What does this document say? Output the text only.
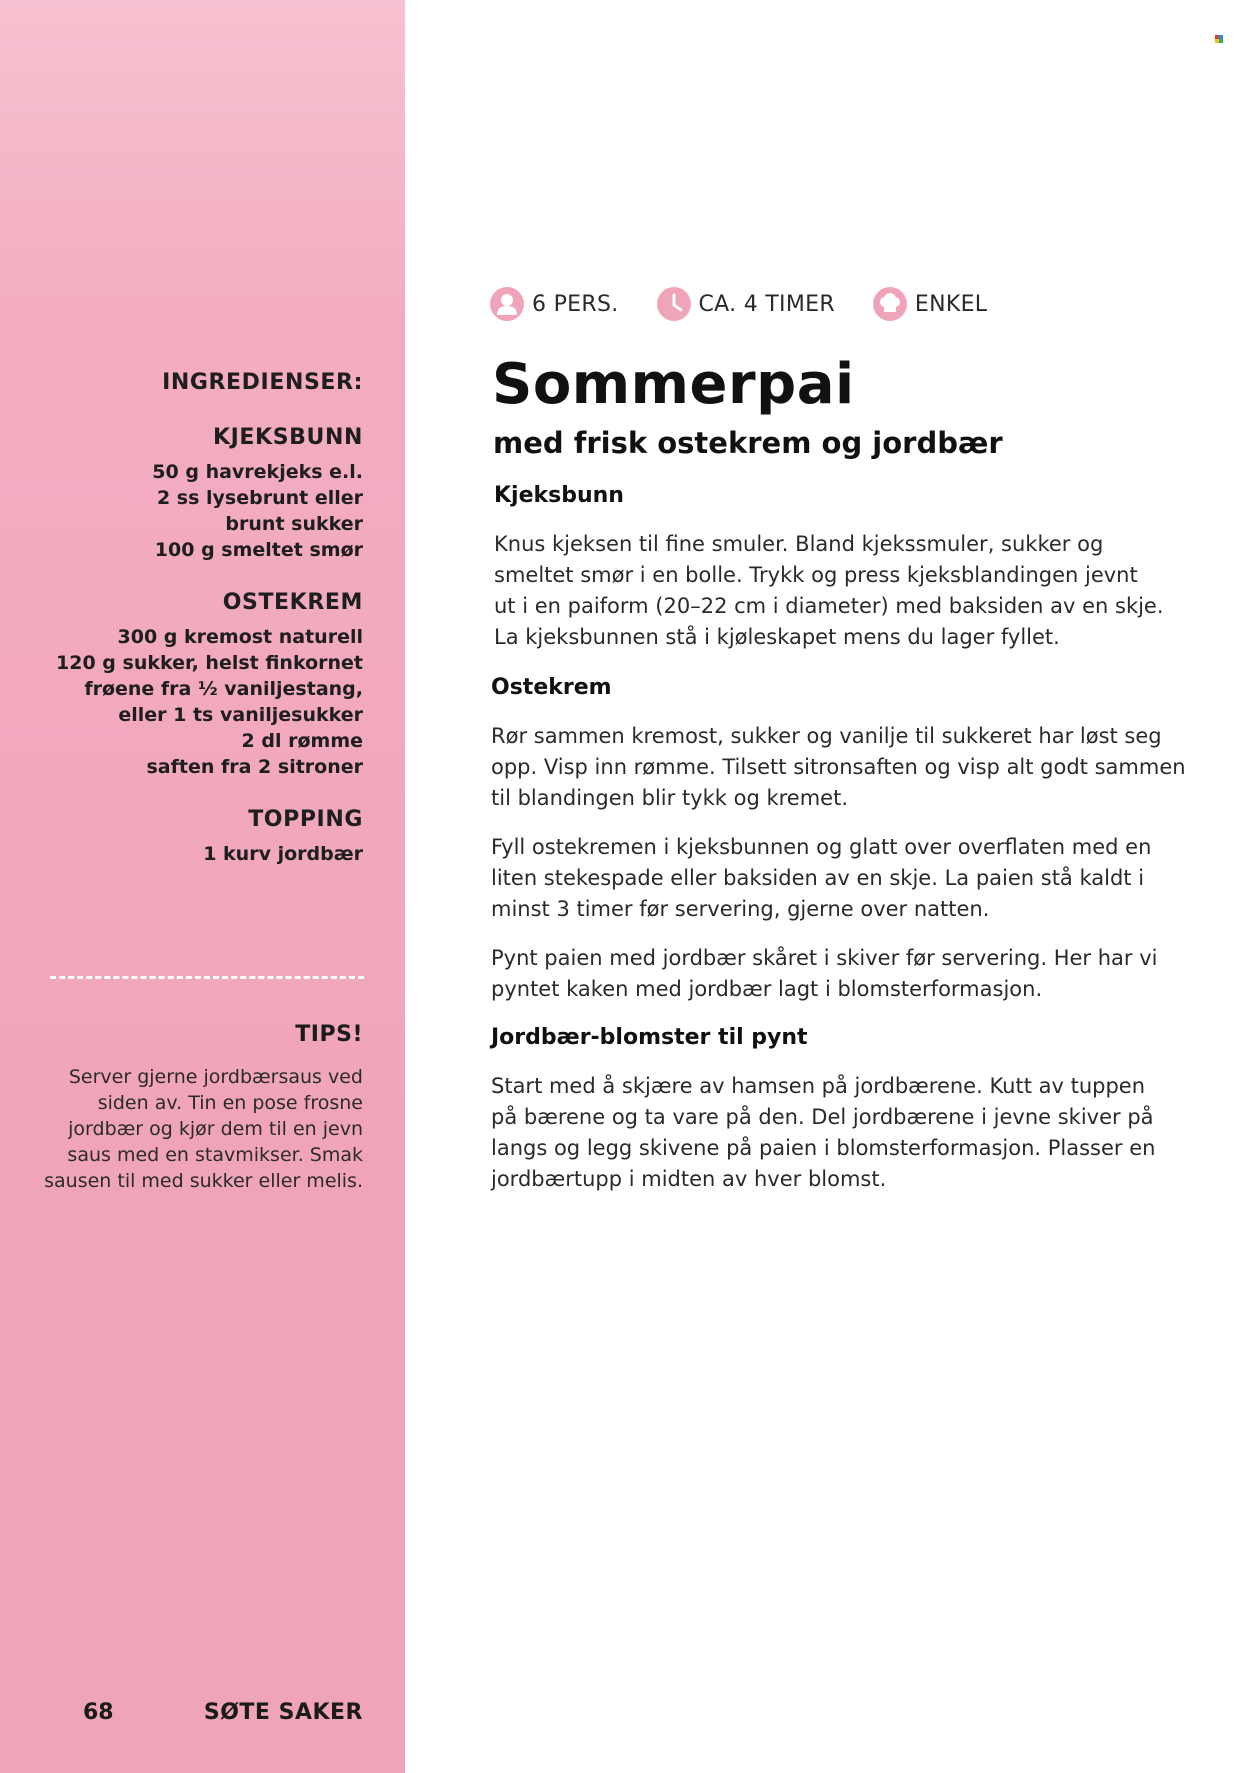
INGREDIENSER:
KJEKSBUNN
50 g havrekjeks e.l.
2 ss lysebrunt eller
brunt sukker
100 g smeltet smør
OSTEKREM
300 g kremost naturell
120 g sukker, helst finkornet
frøene fra ½ vaniljestang,
eller 1 ts vaniljesukker
2 dl rømme
saften fra 2 sitroner
TOPPING
1 kurv jordbær
TIPS!
Server gjerne jordbærsaus ved
siden av. Tin en pose frosne
jordbær og kjør dem til en jevn
saus med en stavmikser. Smak
sausen til med sukker eller melis.
68	SØTE SAKER
6 PERS.	CA. 4 TIMER	ENKEL
Sommerpai
med frisk ostekrem og jordbær
Kjeksbunn
Knus kjeksen til fine smuler. Bland kjekssmuler, sukker og
smeltet smør i en bolle. Trykk og press kjeksblandingen jevnt
ut i en paiform (20–22 cm i diameter) med baksiden av en skje.
La kjeksbunnen stå i kjøleskapet mens du lager fyllet.
Ostekrem
Rør sammen kremost, sukker og vanilje til sukkeret har løst seg
opp. Visp inn rømme. Tilsett sitronsaften og visp alt godt sammen
til blandingen blir tykk og kremet.
Fyll ostekremen i kjeksbunnen og glatt over overflaten med en
liten stekespade eller baksiden av en skje. La paien stå kaldt i
minst 3 timer før servering, gjerne over natten.
Pynt paien med jordbær skåret i skiver før servering. Her har vi
pyntet kaken med jordbær lagt i blomsterformasjon.
Jordbær-blomster til pynt
Start med å skjære av hamsen på jordbærene. Kutt av tuppen
på bærene og ta vare på den. Del jordbærene i jevne skiver på
langs og legg skivene på paien i blomsterformasjon. Plasser en
jordbærtupp i midten av hver blomst.
